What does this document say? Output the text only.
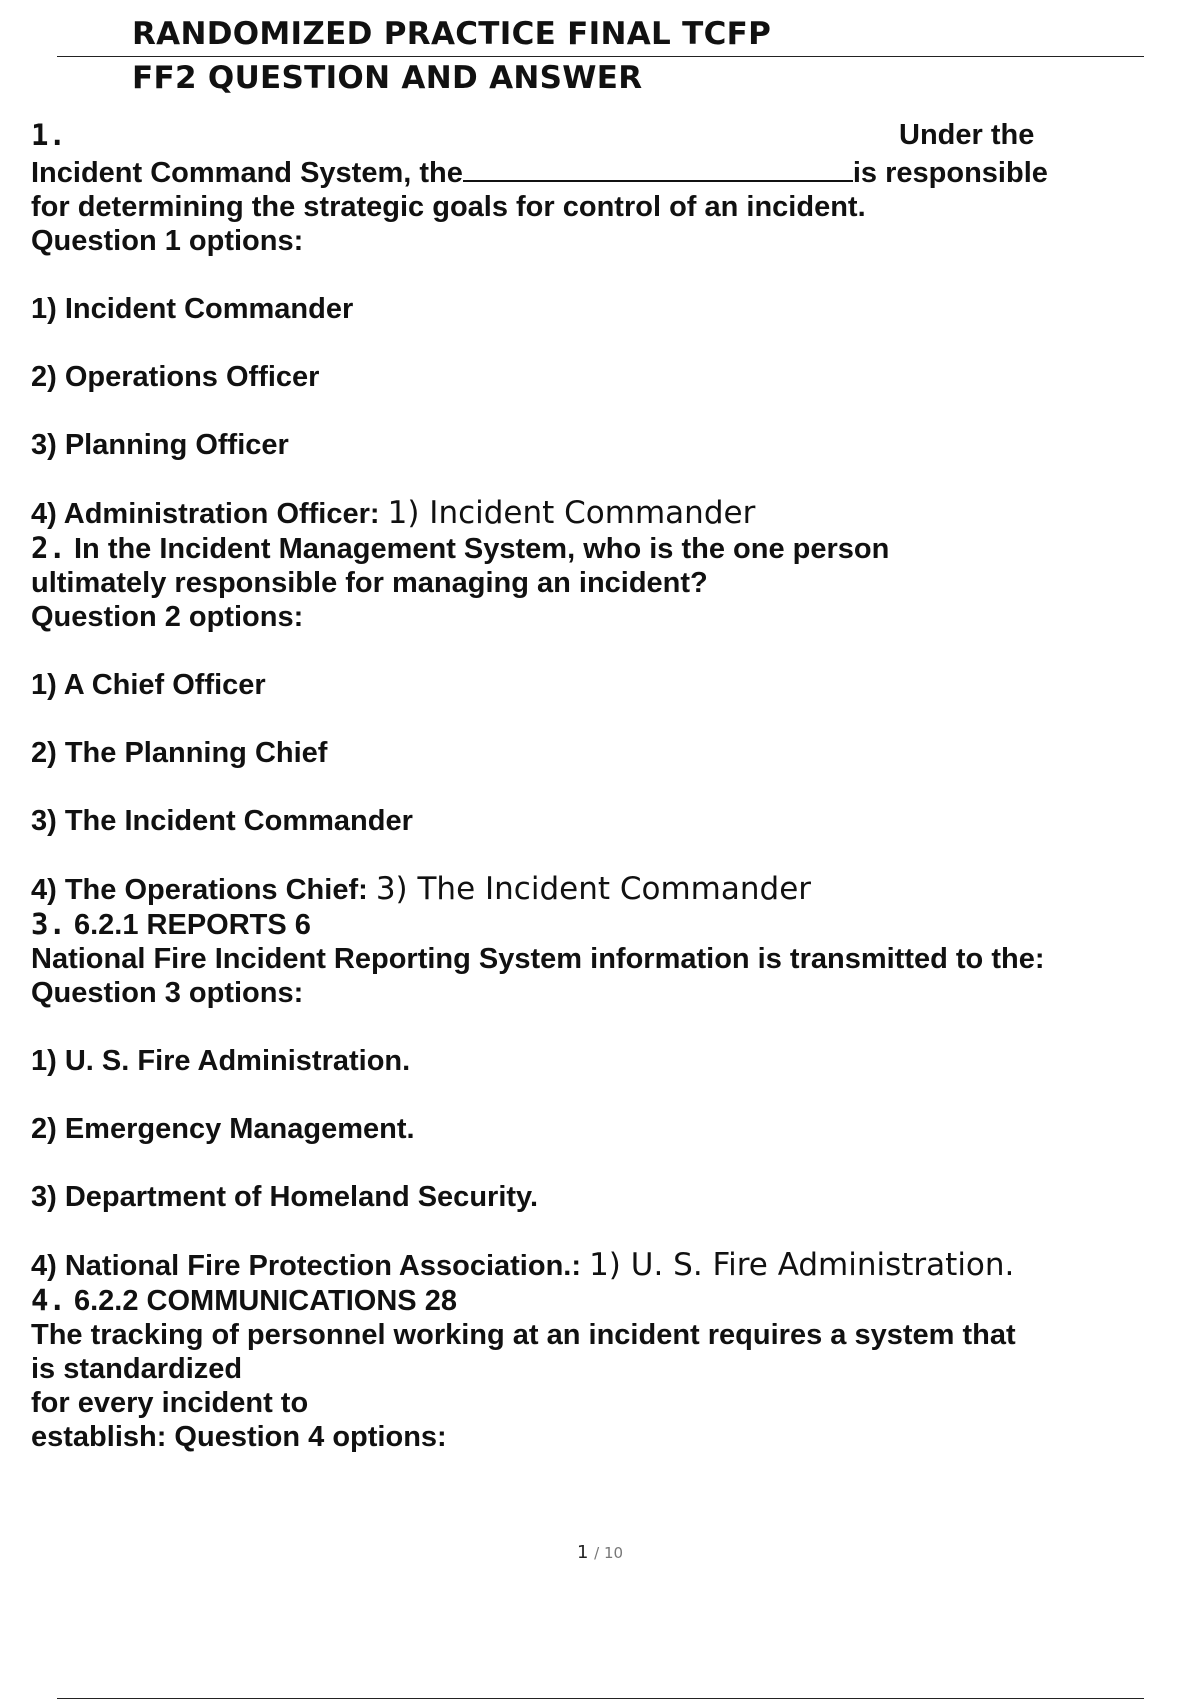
RANDOMIZED PRACTICE FINAL TCFP
FF2 QUESTION AND ANSWER
1.	Under the
Incident Command System, the	is responsible
for determining the strategic goals for control of an incident.
Question 1 options:
1) Incident Commander
2) Operations Officer
3) Planning Officer
4) Administration Officer: 1) Incident Commander
2. In the Incident Management System, who is the one person
ultimately responsible for managing an incident?
Question 2 options:
1) A Chief Officer
2) The Planning Chief
3) The Incident Commander
4) The Operations Chief: 3) The Incident Commander
3. 6.2.1 REPORTS 6
National Fire Incident Reporting System information is transmitted to the:
Question 3 options:
1) U. S. Fire Administration.
2) Emergency Management.
3) Department of Homeland Security.
4) National Fire Protection Association.: 1) U. S. Fire Administration.
4. 6.2.2 COMMUNICATIONS 28
The tracking of personnel working at an incident requires a system that
is standardized
for every incident to
establish: Question 4 options:
1 / 10
